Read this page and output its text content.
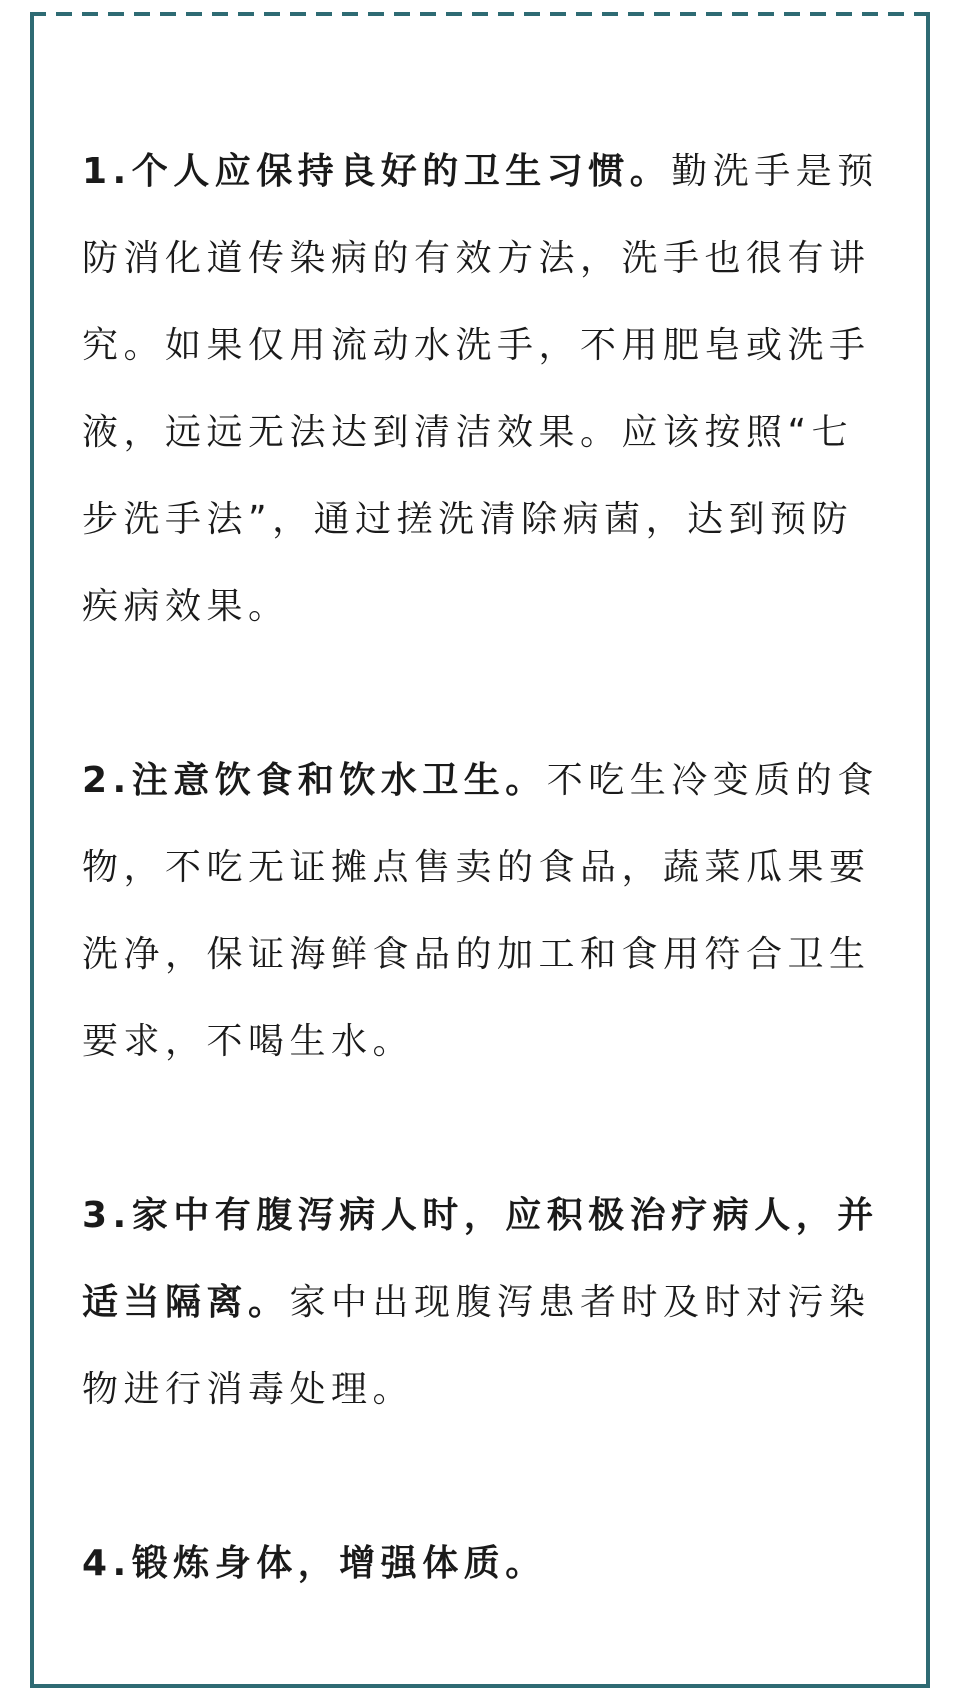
1.个人应保持良好的卫生习惯。勤洗手是预防消化道传染病的有效方法，洗手也很有讲究。如果仅用流动水洗手，不用肥皂或洗手液，远远无法达到清洁效果。应该按照“七步洗手法”，通过搓洗清除病菌，达到预防疾病效果。

2.注意饮食和饮水卫生。不吃生冷变质的食物，不吃无证摊点售卖的食品，蔬菜瓜果要洗净，保证海鲜食品的加工和食用符合卫生要求，不喝生水。

3.家中有腹泻病人时，应积极治疗病人，并适当隔离。家中出现腹泻患者时及时对污染物进行消毒处理。

4.锻炼身体，增强体质。
